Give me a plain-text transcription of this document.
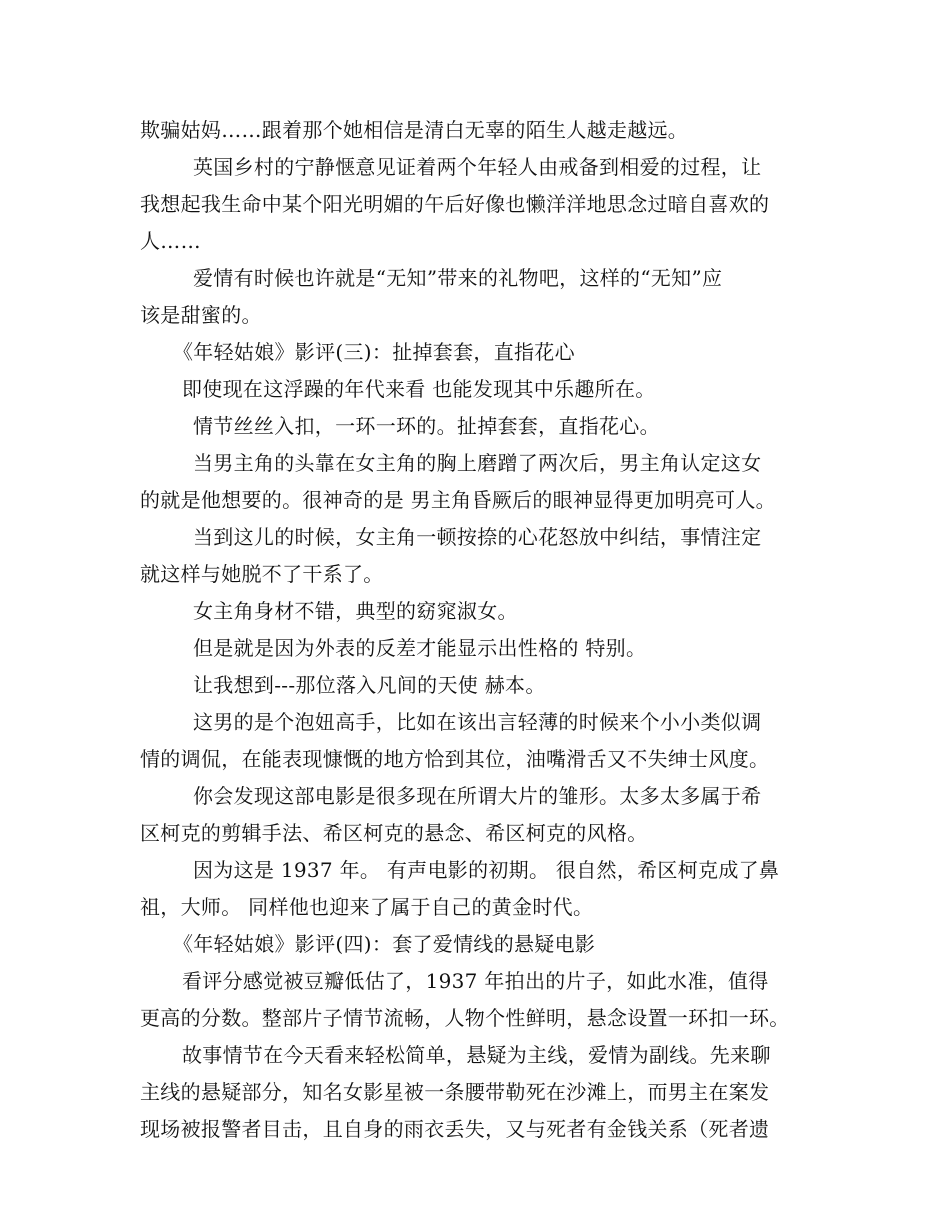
欺骗姑妈……跟着那个她相信是清白无辜的陌生人越走越远。
英国乡村的宁静惬意见证着两个年轻人由戒备到相爱的过程，让
我想起我生命中某个阳光明媚的午后好像也懒洋洋地思念过暗自喜欢的
人……
爱情有时候也许就是“无知”带来的礼物吧，这样的“无知”应
该是甜蜜的。
《年轻姑娘》影评(三)：扯掉套套，直指花心
即使现在这浮躁的年代来看 也能发现其中乐趣所在。
情节丝丝入扣，一环一环的。扯掉套套，直指花心。
当男主角的头靠在女主角的胸上磨蹭了两次后，男主角认定这女
的就是他想要的。很神奇的是 男主角昏厥后的眼神显得更加明亮可人。
当到这儿的时候，女主角一顿按捺的心花怒放中纠结，事情注定
就这样与她脱不了干系了。
女主角身材不错，典型的窈窕淑女。
但是就是因为外表的反差才能显示出性格的 特别。
让我想到---那位落入凡间的天使 赫本。
这男的是个泡妞高手，比如在该出言轻薄的时候来个小小类似调
情的调侃，在能表现慷慨的地方恰到其位，油嘴滑舌又不失绅士风度。
你会发现这部电影是很多现在所谓大片的雏形。太多太多属于希
区柯克的剪辑手法、希区柯克的悬念、希区柯克的风格。
因为这是 1937 年。 有声电影的初期。 很自然，希区柯克成了鼻
祖，大师。 同样他也迎来了属于自己的黄金时代。
《年轻姑娘》影评(四)：套了爱情线的悬疑电影
看评分感觉被豆瓣低估了，1937 年拍出的片子，如此水准，值得
更高的分数。整部片子情节流畅，人物个性鲜明，悬念设置一环扣一环。
故事情节在今天看来轻松简单，悬疑为主线，爱情为副线。先来聊
主线的悬疑部分，知名女影星被一条腰带勒死在沙滩上，而男主在案发
现场被报警者目击，且自身的雨衣丢失，又与死者有金钱关系（死者遗
